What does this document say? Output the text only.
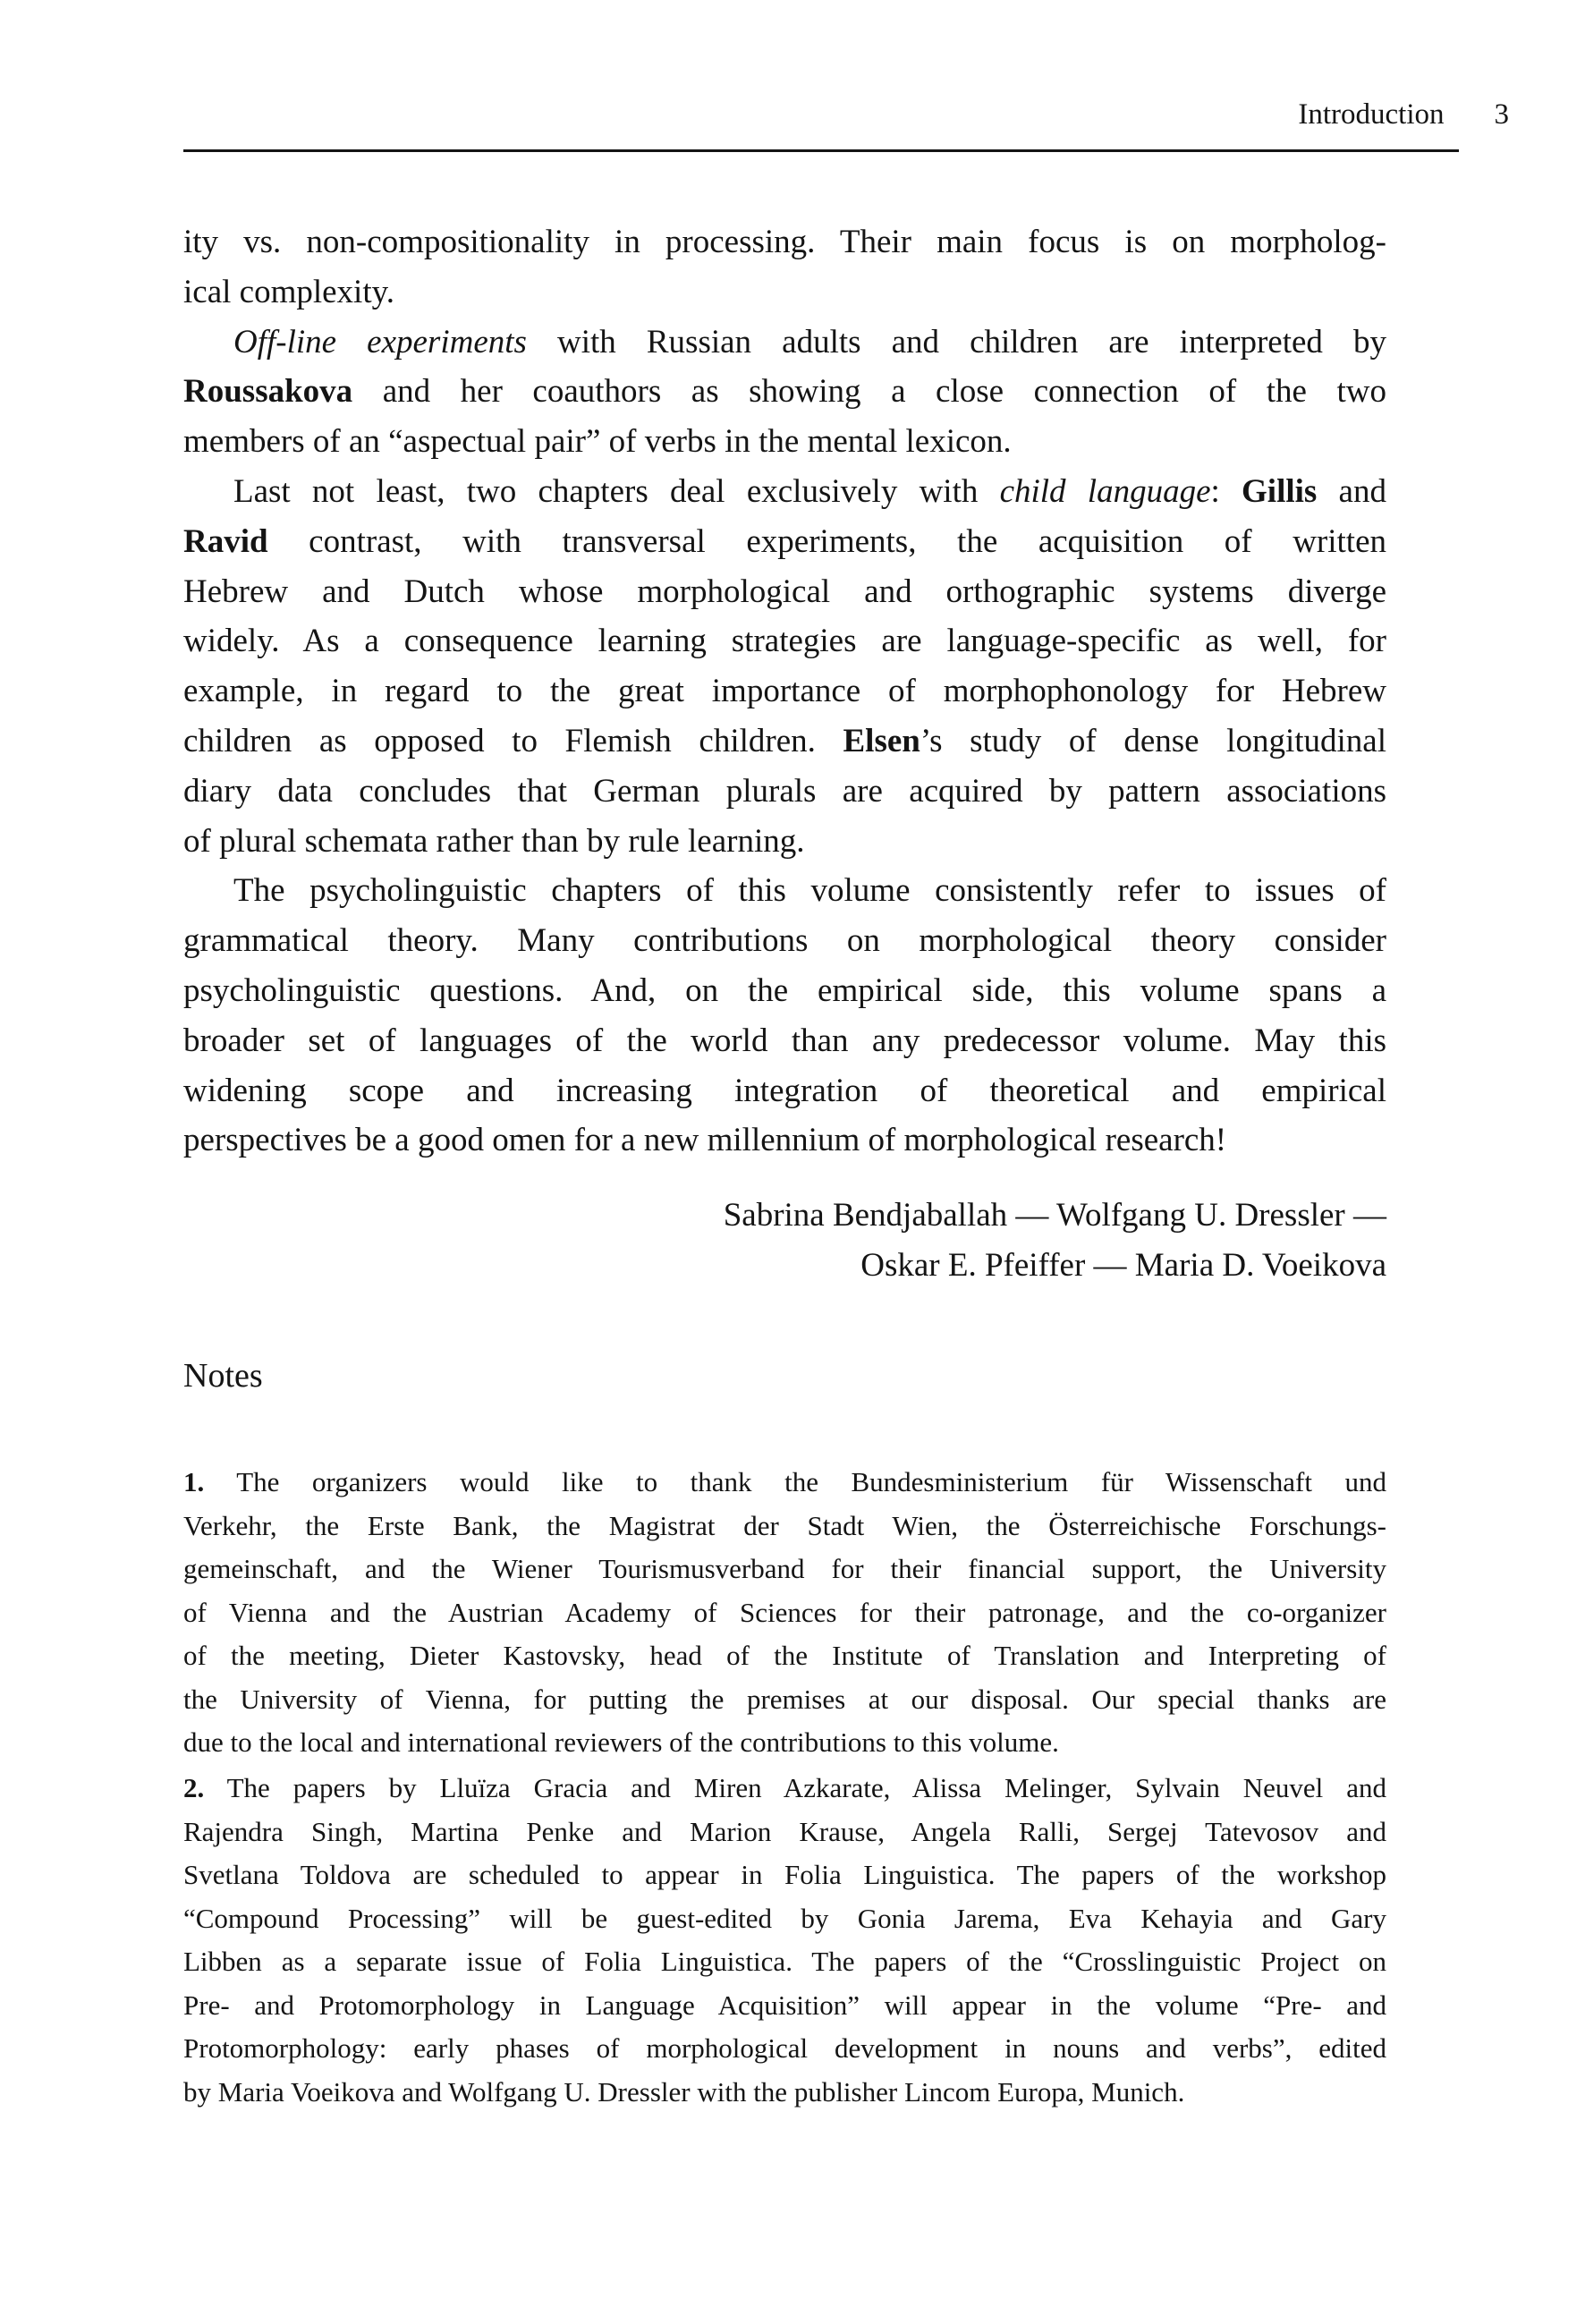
Introduction 3
ity vs. non-compositionality in processing. Their main focus is on morpholog-
ical complexity.
Off-line experiments with Russian adults and children are interpreted by
Roussakova and her coauthors as showing a close connection of the two
members of an “aspectual pair” of verbs in the mental lexicon.
Last not least, two chapters deal exclusively with child language: Gillis and
Ravid contrast, with transversal experiments, the acquisition of written
Hebrew and Dutch whose morphological and orthographic systems diverge
widely. As a consequence learning strategies are language-specific as well, for
example, in regard to the great importance of morphophonology for Hebrew
children as opposed to Flemish children. Elsen’s study of dense longitudinal
diary data concludes that German plurals are acquired by pattern associations
of plural schemata rather than by rule learning.
The psycholinguistic chapters of this volume consistently refer to issues of
grammatical theory. Many contributions on morphological theory consider
psycholinguistic questions. And, on the empirical side, this volume spans a
broader set of languages of the world than any predecessor volume. May this
widening scope and increasing integration of theoretical and empirical
perspectives be a good omen for a new millennium of morphological research!
Sabrina Bendjaballah — Wolfgang U. Dressler —
Oskar E. Pfeiffer — Maria D. Voeikova
Notes
1. The organizers would like to thank the Bundesministerium für Wissenschaft und
Verkehr, the Erste Bank, the Magistrat der Stadt Wien, the Österreichische Forschungs-
gemeinschaft, and the Wiener Tourismusverband for their financial support, the University
of Vienna and the Austrian Academy of Sciences for their patronage, and the co-organizer
of the meeting, Dieter Kastovsky, head of the Institute of Translation and Interpreting of
the University of Vienna, for putting the premises at our disposal. Our special thanks are
due to the local and international reviewers of the contributions to this volume.
2. The papers by Lluïza Gracia and Miren Azkarate, Alissa Melinger, Sylvain Neuvel and
Rajendra Singh, Martina Penke and Marion Krause, Angela Ralli, Sergej Tatevosov and
Svetlana Toldova are scheduled to appear in Folia Linguistica. The papers of the workshop
“Compound Processing” will be guest-edited by Gonia Jarema, Eva Kehayia and Gary
Libben as a separate issue of Folia Linguistica. The papers of the “Crosslinguistic Project on
Pre- and Protomorphology in Language Acquisition” will appear in the volume “Pre- and
Protomorphology: early phases of morphological development in nouns and verbs”, edited
by Maria Voeikova and Wolfgang U. Dressler with the publisher Lincom Europa, Munich.
